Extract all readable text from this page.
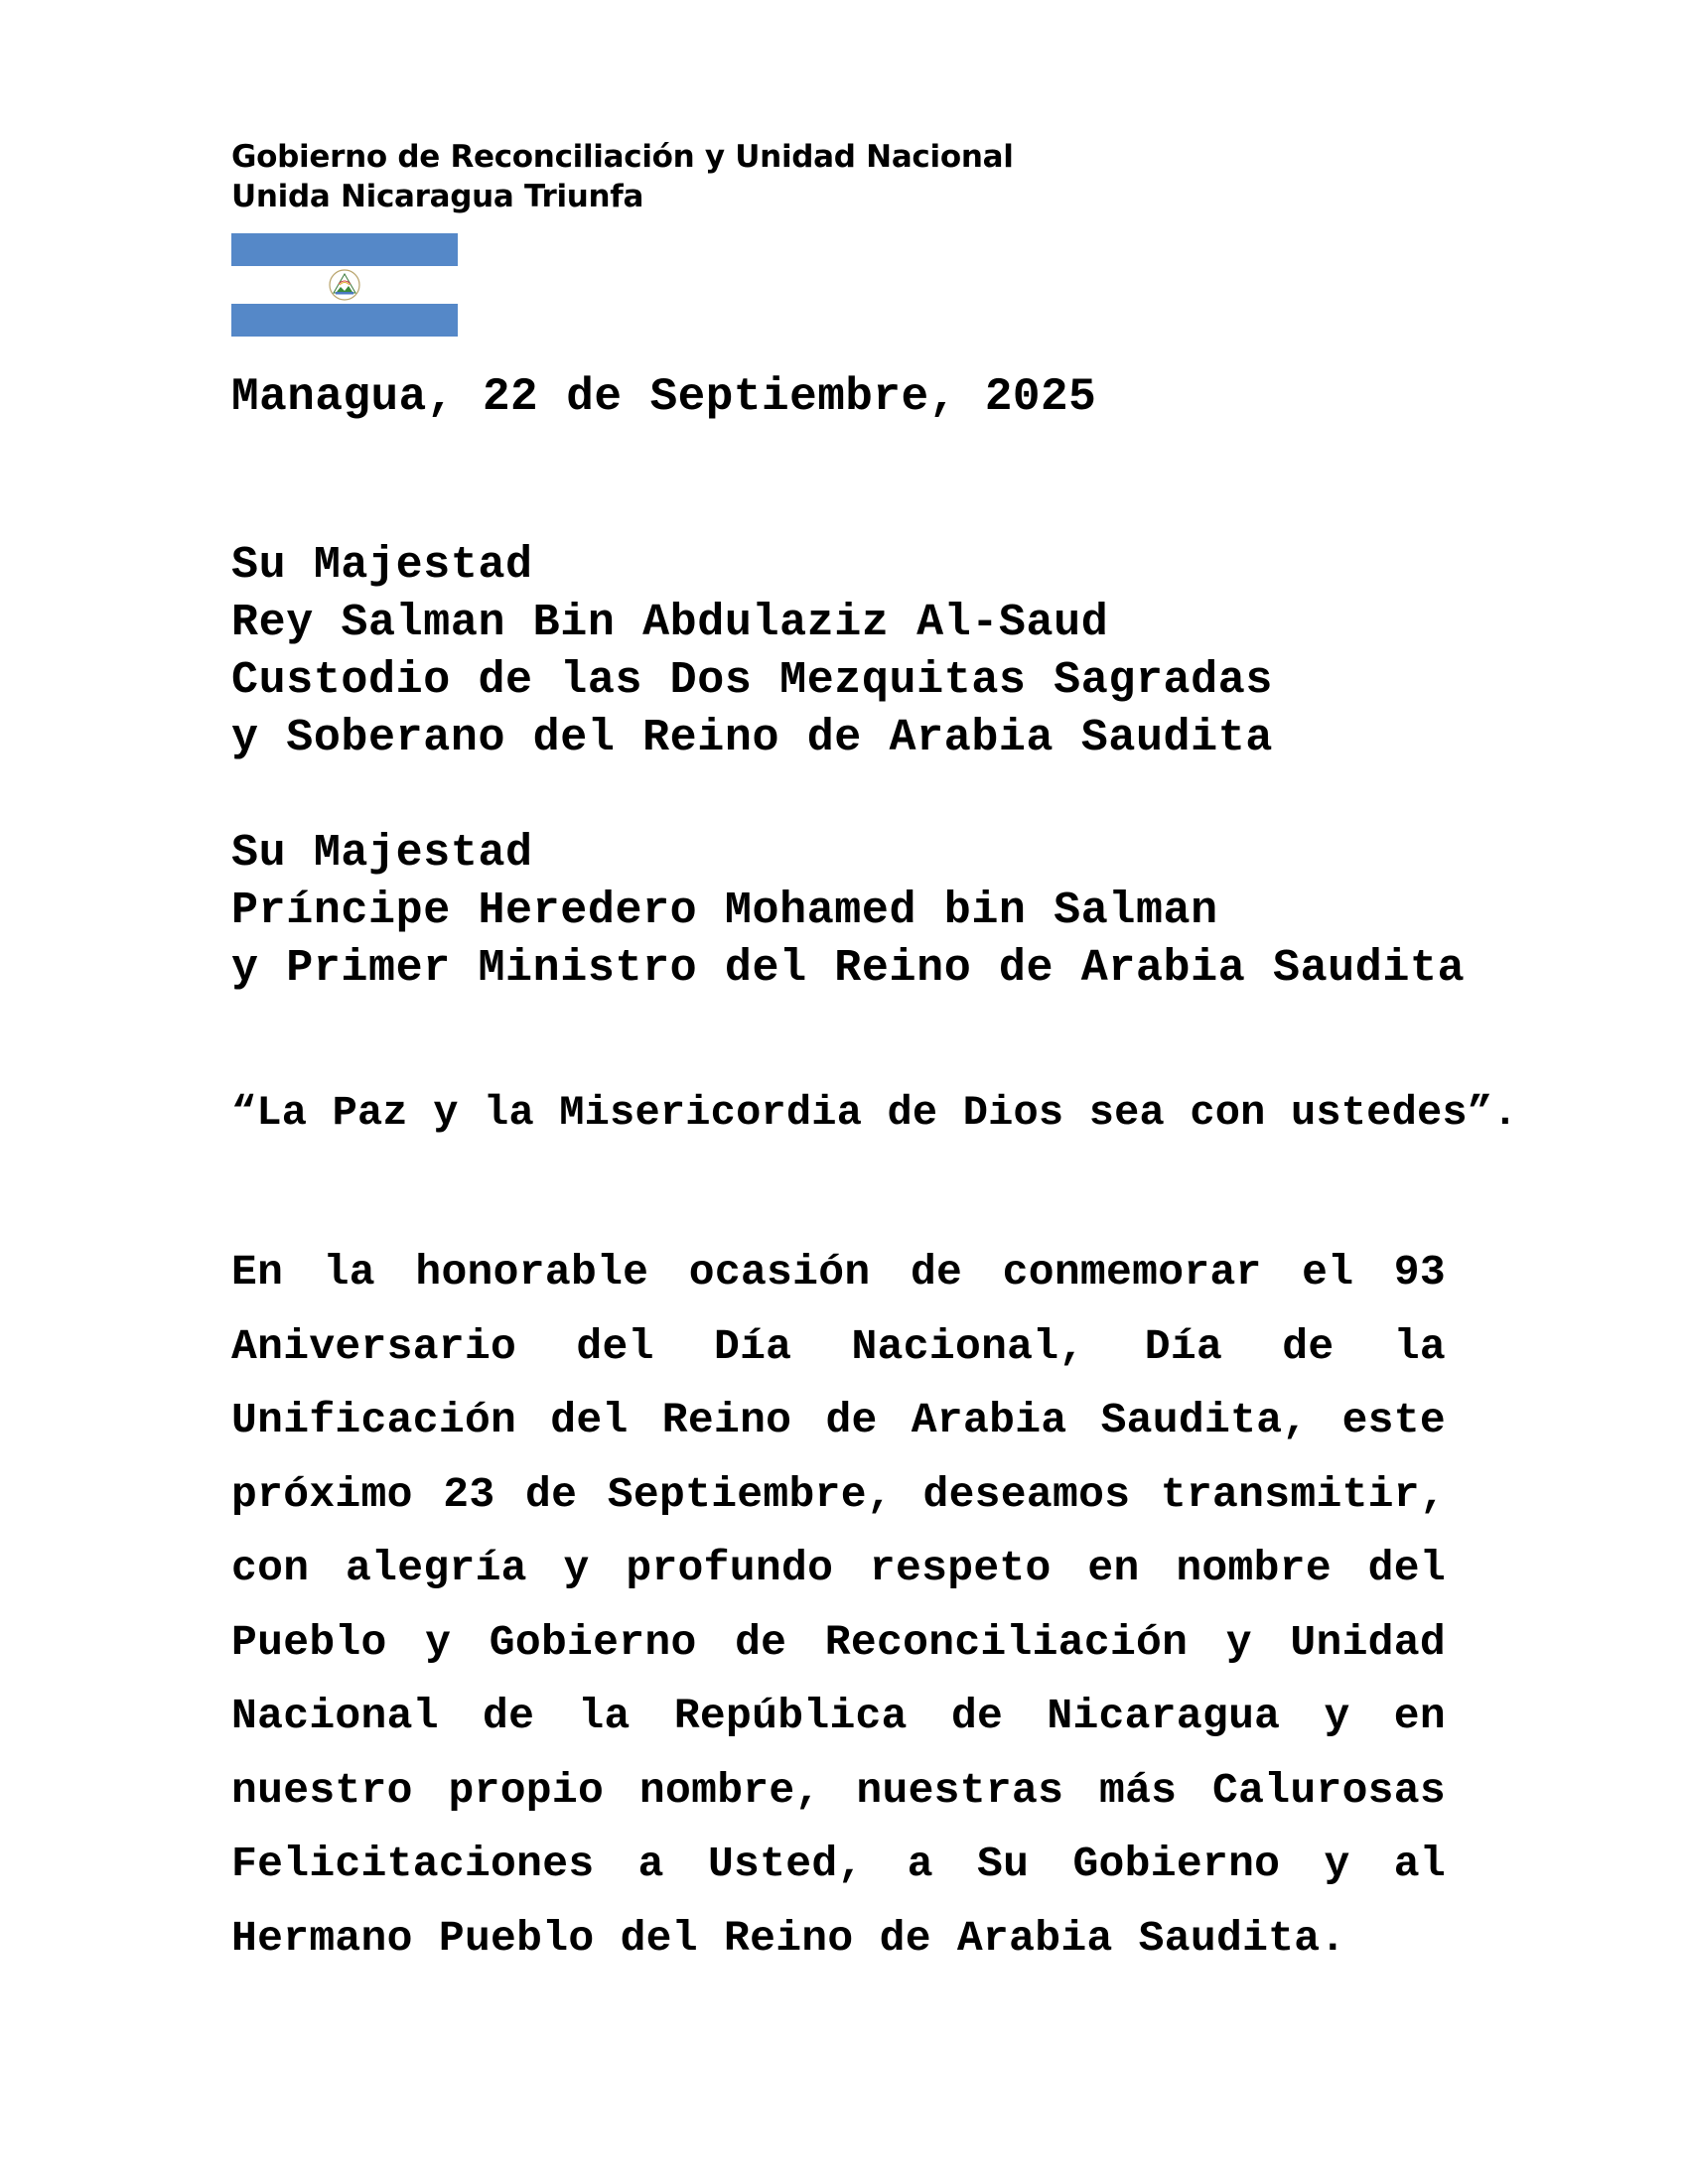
Gobierno de Reconciliación y Unidad Nacional
Unida Nicaragua Triunfa
Managua, 22 de Septiembre, 2025
Su Majestad
Rey Salman Bin Abdulaziz Al-Saud
Custodio de las Dos Mezquitas Sagradas
y Soberano del Reino de Arabia Saudita
Su Majestad
Príncipe Heredero Mohamed bin Salman
y Primer Ministro del Reino de Arabia Saudita
“La Paz y la Misericordia de Dios sea con ustedes”.
En la honorable ocasión de conmemorar el 93 Aniversario del Día Nacional, Día de la Unificación del Reino de Arabia Saudita, este próximo 23 de Septiembre, deseamos transmitir, con alegría y profundo respeto en nombre del Pueblo y Gobierno de Reconciliación y Unidad Nacional de la República de Nicaragua y en nuestro propio nombre, nuestras más Calurosas Felicitaciones a Usted, a Su Gobierno y al Hermano Pueblo del Reino de Arabia Saudita.
